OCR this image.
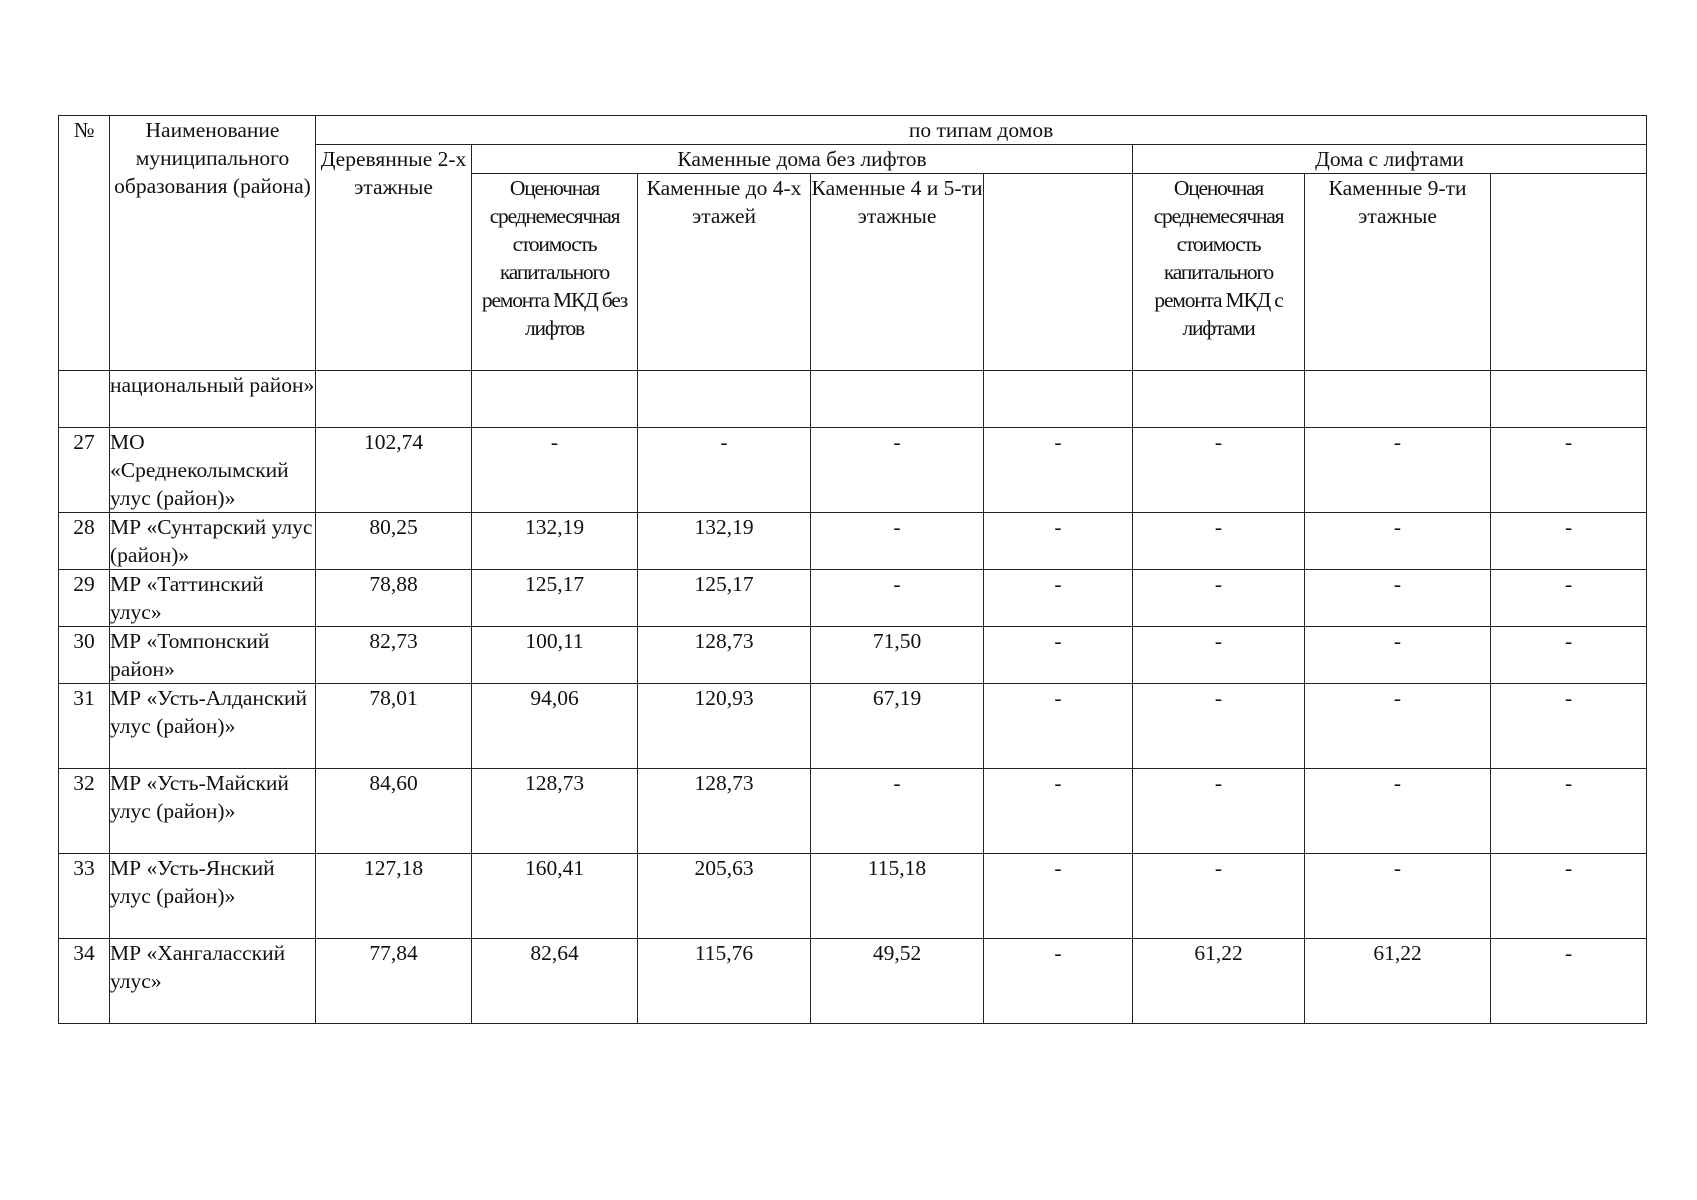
№	Наименование муниципального образования (района)	по типам домов							
		Деревянные 2-х этажные	Каменные дома без лифтов				Дома с лифтами		
			Оценочная среднемесячная стоимость капитального ремонта МКД без лифтов	Каменные до 4-х этажей	Каменные 4 и 5-ти этажные		Оценочная среднемесячная стоимость капитального ремонта МКД с лифтами	Каменные 9-ти этажные	
	национальный район»								
27	МО «Среднеколымский улус (район)»	102,74	-	-	-	-	-	-	-
28	МР «Сунтарский улус (район)»	80,25	132,19	132,19	-	-	-	-	-
29	МР «Таттинский улус»	78,88	125,17	125,17	-	-	-	-	-
30	МР «Томпонский район»	82,73	100,11	128,73	71,50	-	-	-	-
31	МР «Усть-Алданский улус (район)»	78,01	94,06	120,93	67,19	-	-	-	-
32	МР «Усть-Майский улус (район)»	84,60	128,73	128,73	-	-	-	-	-
33	МР «Усть-Янский улус (район)»	127,18	160,41	205,63	115,18	-	-	-	-
34	МР «Хангаласский улус»	77,84	82,64	115,76	49,52	-	61,22	61,22	-
